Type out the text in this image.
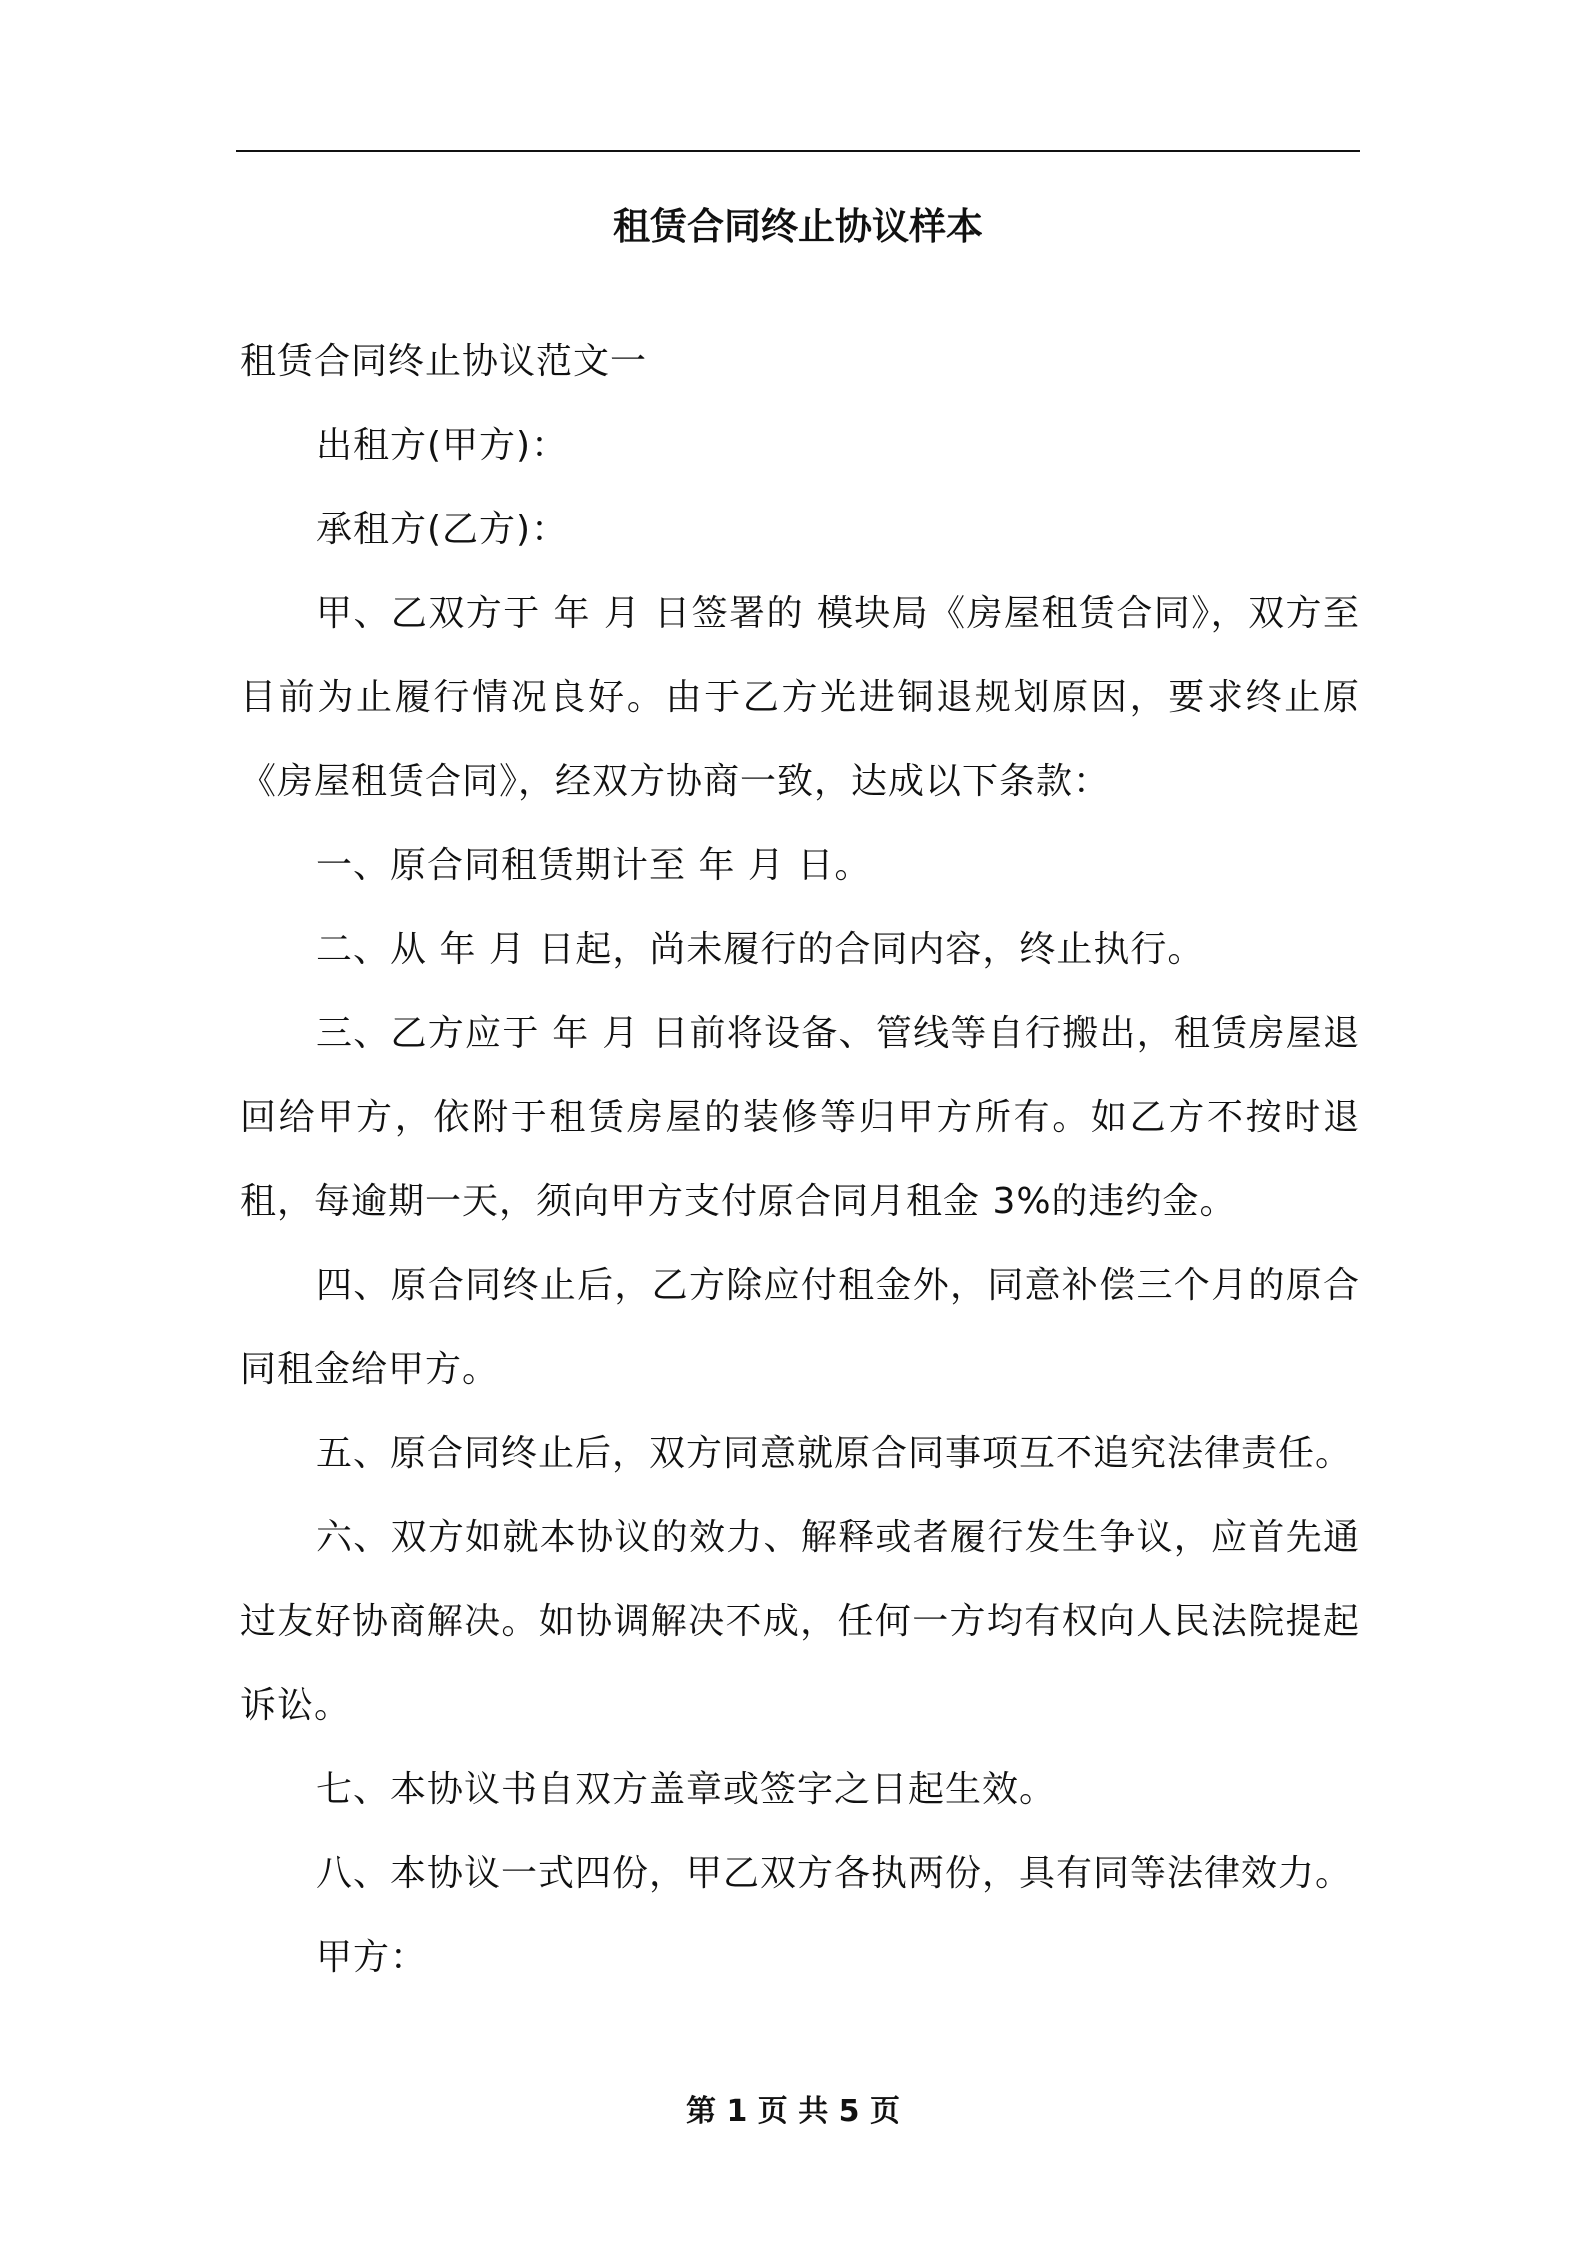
租赁合同终止协议样本

租赁合同终止协议范文一

出租方(甲方)：

承租方(乙方)：

甲、乙双方于 年 月 日签署的 模块局《房屋租赁合同》，双方至目前为止履行情况良好。由于乙方光进铜退规划原因，要求终止原《房屋租赁合同》，经双方协商一致，达成以下条款：

一、原合同租赁期计至 年 月 日。

二、从 年 月 日起，尚未履行的合同内容，终止执行。

三、乙方应于 年 月 日前将设备、管线等自行搬出，租赁房屋退回给甲方，依附于租赁房屋的装修等归甲方所有。如乙方不按时退租，每逾期一天，须向甲方支付原合同月租金 3%的违约金。

四、原合同终止后，乙方除应付租金外，同意补偿三个月的原合同租金给甲方。

五、原合同终止后，双方同意就原合同事项互不追究法律责任。

六、双方如就本协议的效力、解释或者履行发生争议，应首先通过友好协商解决。如协调解决不成，任何一方均有权向人民法院提起诉讼。

七、本协议书自双方盖章或签字之日起生效。

八、本协议一式四份，甲乙双方各执两份，具有同等法律效力。

甲方：

第 1 页 共 5 页
